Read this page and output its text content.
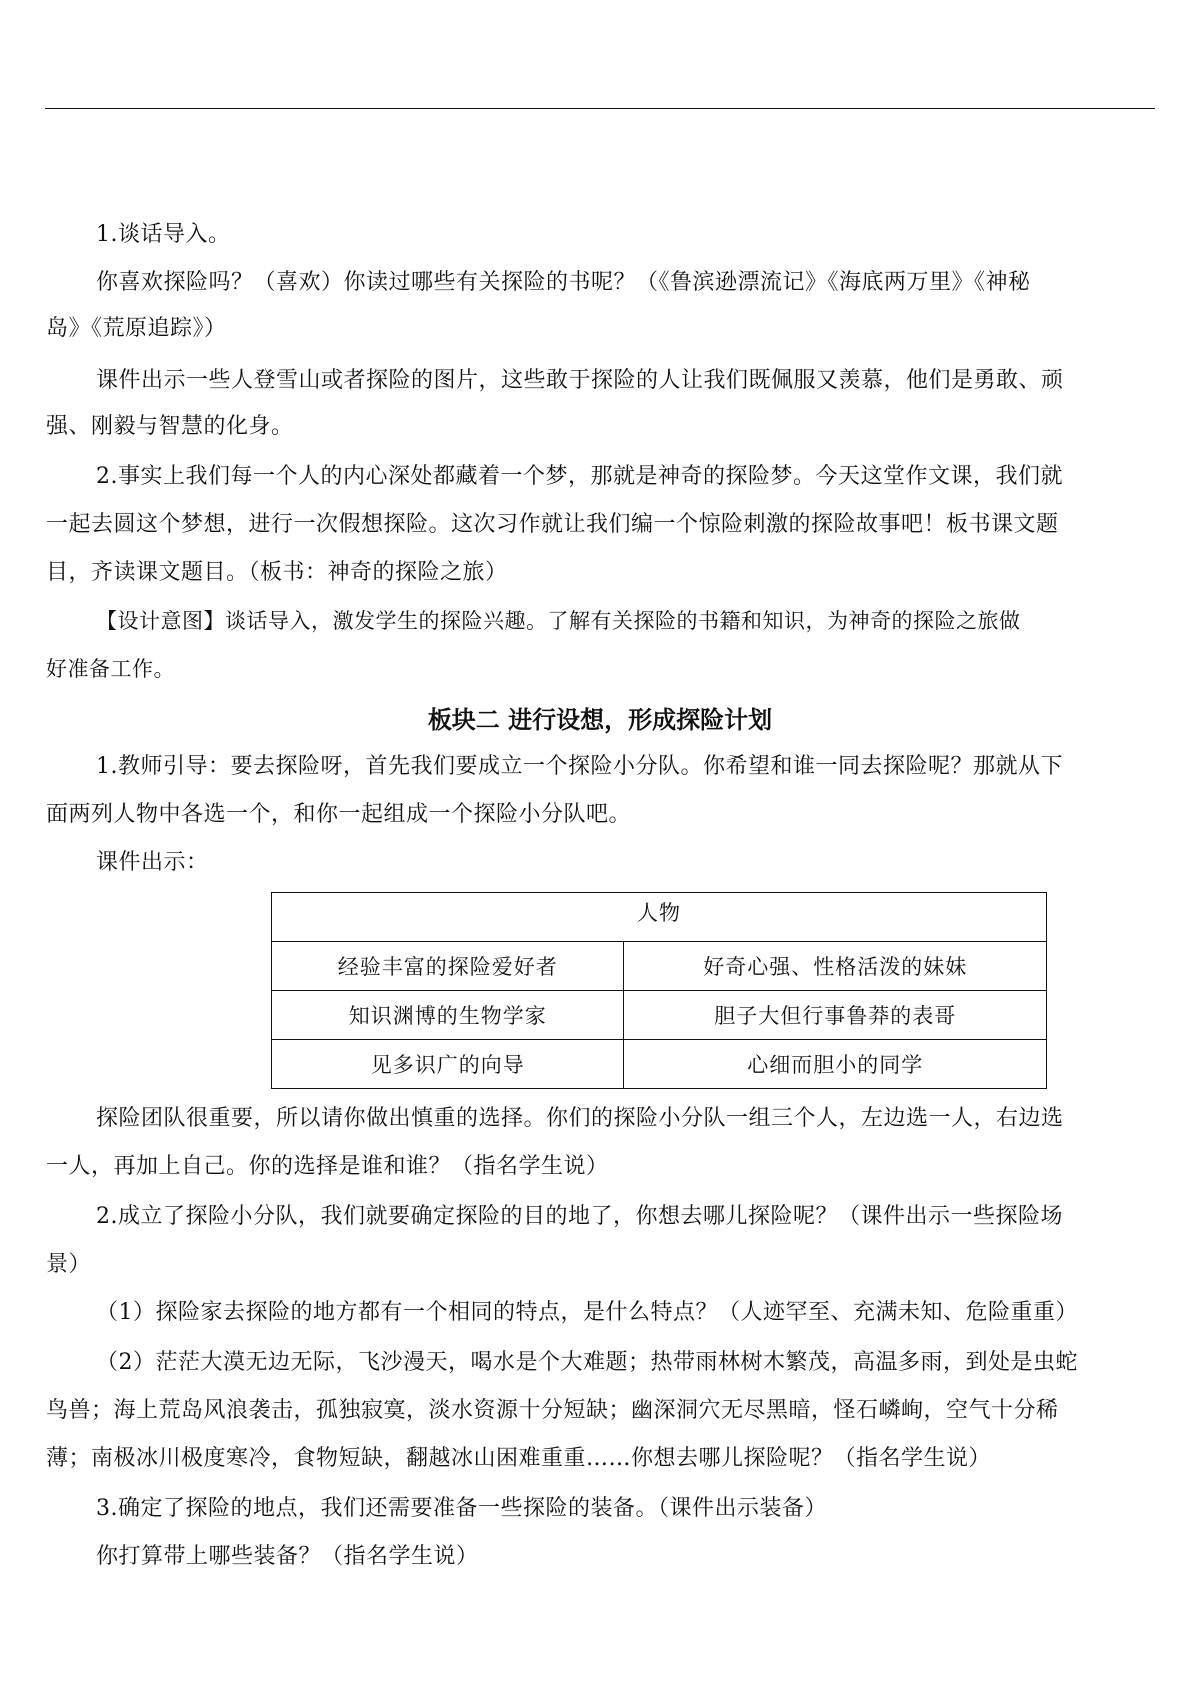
1.谈话导入。

你喜欢探险吗？（喜欢）你读过哪些有关探险的书呢？（《鲁滨逊漂流记》《海底两万里》《神秘

岛》《荒原追踪》）

课件出示一些人登雪山或者探险的图片，这些敢于探险的人让我们既佩服又羡慕，他们是勇敢、顽

强、刚毅与智慧的化身。

2.事实上我们每一个人的内心深处都藏着一个梦，那就是神奇的探险梦。今天这堂作文课，我们就

一起去圆这个梦想，进行一次假想探险。这次习作就让我们编一个惊险刺激的探险故事吧！板书课文题

目，齐读课文题目。（板书：神奇的探险之旅）

【设计意图】谈话导入，激发学生的探险兴趣。了解有关探险的书籍和知识，为神奇的探险之旅做

好准备工作。

板块二 进行设想，形成探险计划

1.教师引导：要去探险呀，首先我们要成立一个探险小分队。你希望和谁一同去探险呢？那就从下

面两列人物中各选一个，和你一起组成一个探险小分队吧。

课件出示：

人物	
经验丰富的探险爱好者	好奇心强、性格活泼的妹妹
知识渊博的生物学家	胆子大但行事鲁莽的表哥
见多识广的向导	心细而胆小的同学

探险团队很重要，所以请你做出慎重的选择。你们的探险小分队一组三个人，左边选一人，右边选

一人，再加上自己。你的选择是谁和谁？（指名学生说）

2.成立了探险小分队，我们就要确定探险的目的地了，你想去哪儿探险呢？（课件出示一些探险场

景）

（1）探险家去探险的地方都有一个相同的特点，是什么特点？（人迹罕至、充满未知、危险重重）

（2）茫茫大漠无边无际，飞沙漫天，喝水是个大难题；热带雨林树木繁茂，高温多雨，到处是虫蛇

鸟兽；海上荒岛风浪袭击，孤独寂寞，淡水资源十分短缺；幽深洞穴无尽黑暗，怪石嶙峋，空气十分稀

薄；南极冰川极度寒冷，食物短缺，翻越冰山困难重重……你想去哪儿探险呢？（指名学生说）

3.确定了探险的地点，我们还需要准备一些探险的装备。（课件出示装备）

你打算带上哪些装备？（指名学生说）
